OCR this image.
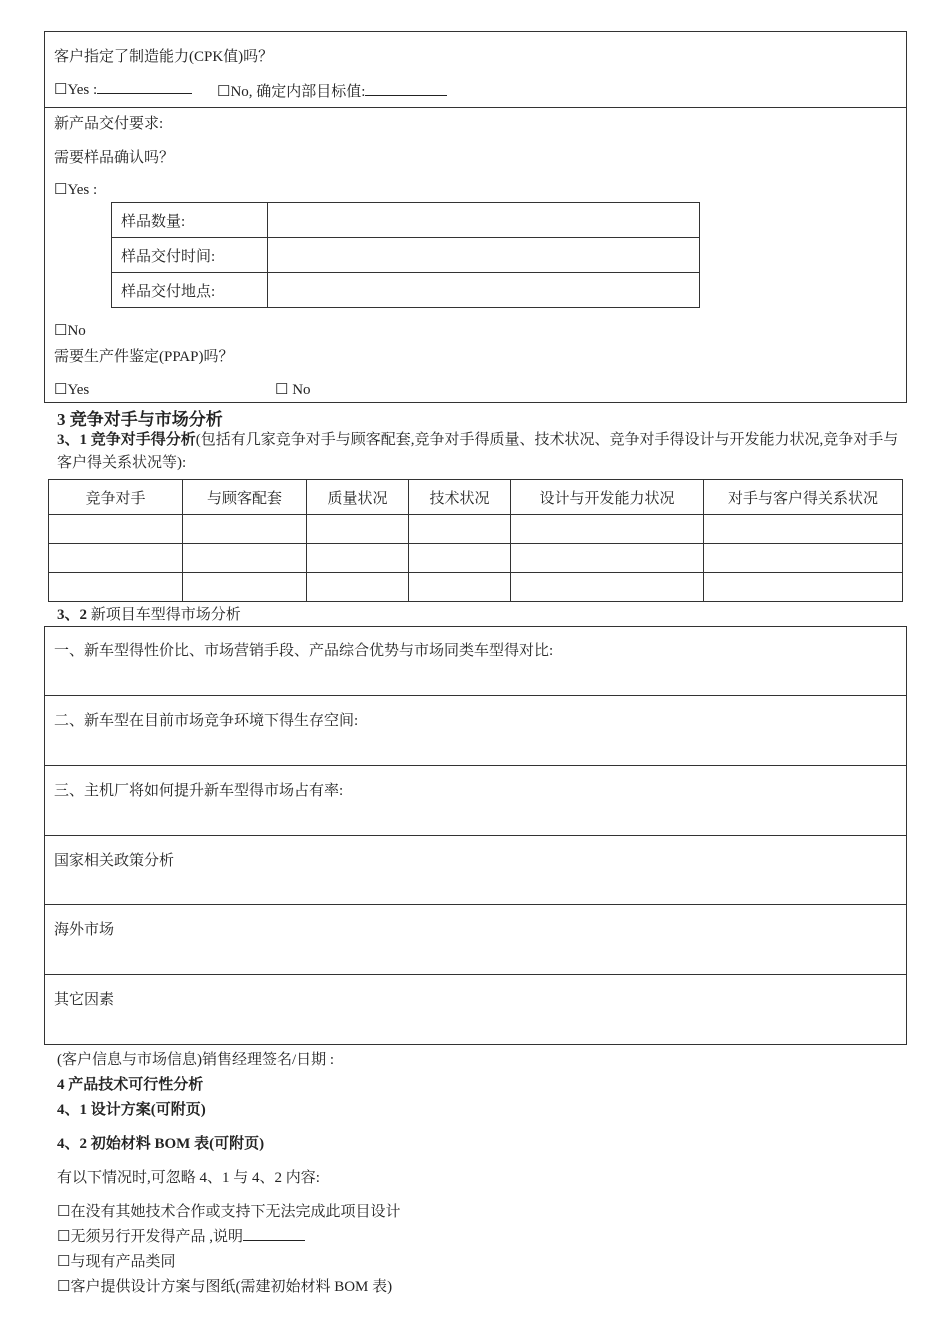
客户指定了制造能力(CPK值)吗？
☐Yes :	☐No, 确定内部目标值:
新产品交付要求:
需要样品确认吗？
☐Yes :
样品数量:	
样品交付时间:	
样品交付地点:	
☐No
需要生产件鉴定(PPAP)吗？
☐Yes	☐ No
3 竞争对手与市场分析
3、1 竞争对手得分析(包括有几家竞争对手与顾客配套,竞争对手得质量、技术状况、竞争对手得设计与开发能力状况,竞争对手与客户得关系状况等):
竞争对手	与顾客配套	质量状况	技术状况	设计与开发能力状况	对手与客户得关系状况

3、2 新项目车型得市场分析
一、新车型得性价比、市场营销手段、产品综合优势与市场同类车型得对比:
二、新车型在目前市场竞争环境下得生存空间:
三、主机厂将如何提升新车型得市场占有率:
国家相关政策分析
海外市场
其它因素
(客户信息与市场信息)销售经理签名/日期 :
4 产品技术可行性分析
4、1 设计方案(可附页)
4、2 初始材料 BOM 表(可附页)
有以下情况时,可忽略 4、1 与 4、2 内容:
☐在没有其她技术合作或支持下无法完成此项目设计
☐无须另行开发得产品 ,说明
☐与现有产品类同
☐客户提供设计方案与图纸(需建初始材料 BOM 表)
